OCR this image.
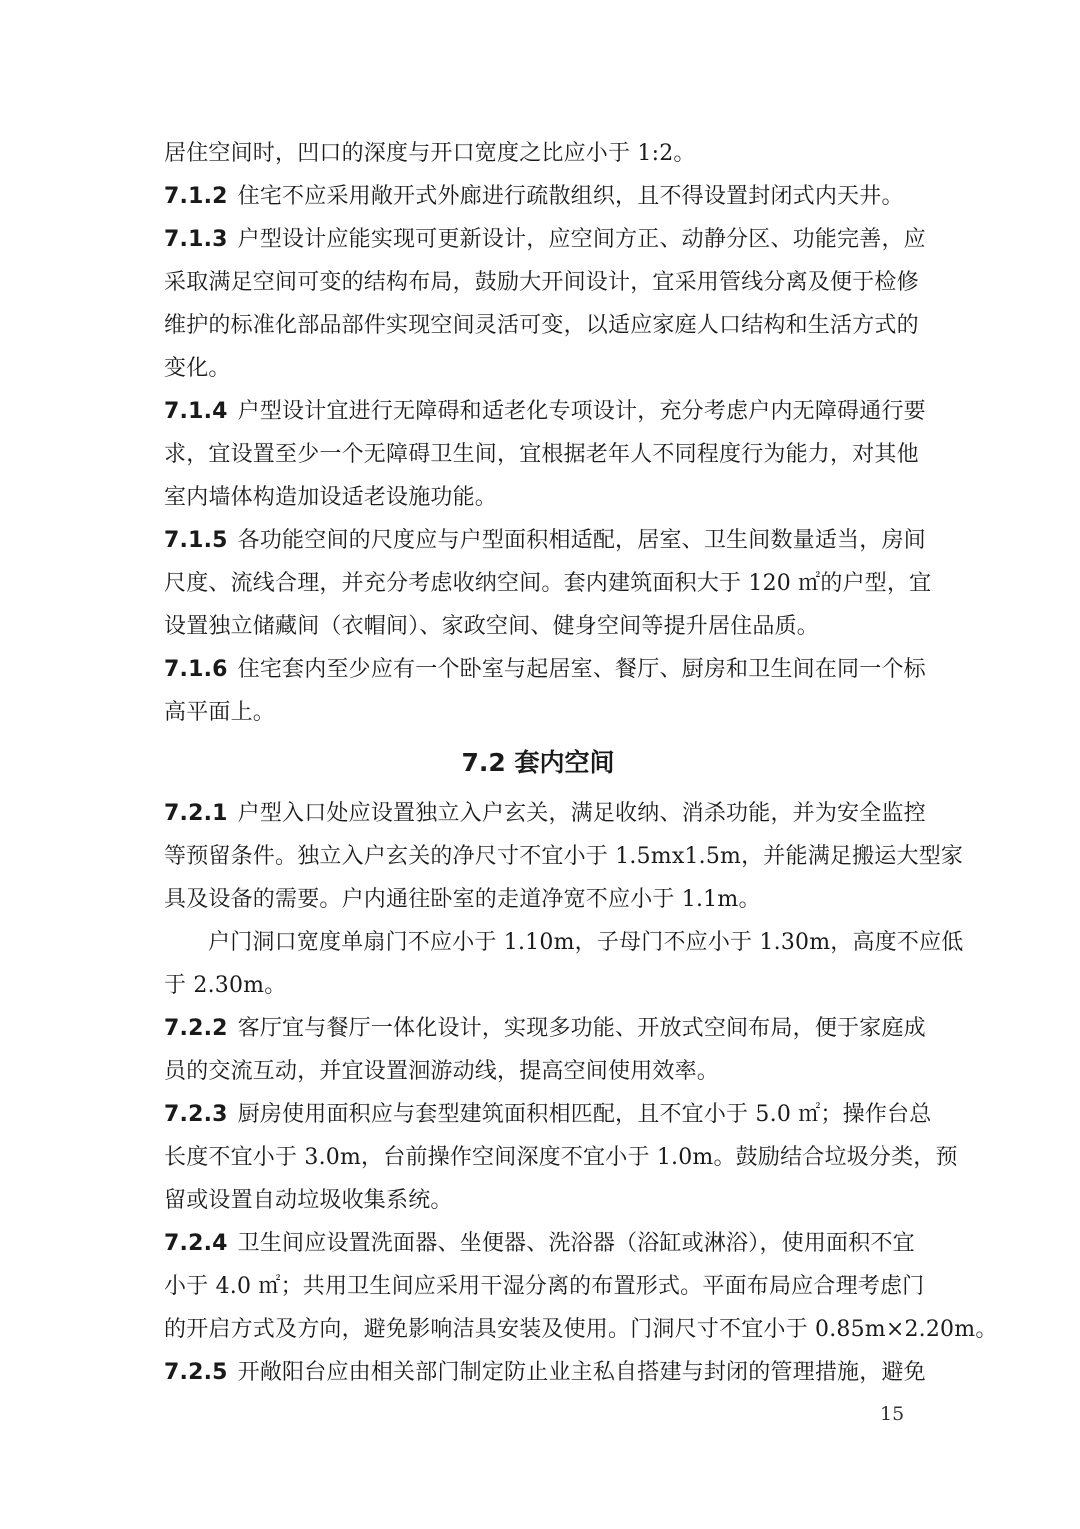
居住空间时，凹口的深度与开口宽度之比应小于 1:2。
7.1.2 住宅不应采用敞开式外廊进行疏散组织，且不得设置封闭式内天井。
7.1.3 户型设计应能实现可更新设计，应空间方正、动静分区、功能完善，应
采取满足空间可变的结构布局，鼓励大开间设计，宜采用管线分离及便于检修
维护的标准化部品部件实现空间灵活可变，以适应家庭人口结构和生活方式的
变化。
7.1.4 户型设计宜进行无障碍和适老化专项设计，充分考虑户内无障碍通行要
求，宜设置至少一个无障碍卫生间，宜根据老年人不同程度行为能力，对其他
室内墙体构造加设适老设施功能。
7.1.5 各功能空间的尺度应与户型面积相适配，居室、卫生间数量适当，房间
尺度、流线合理，并充分考虑收纳空间。套内建筑面积大于 120 ㎡的户型，宜
设置独立储藏间（衣帽间）、家政空间、健身空间等提升居住品质。
7.1.6 住宅套内至少应有一个卧室与起居室、餐厅、厨房和卫生间在同一个标
高平面上。
7.2 套内空间
7.2.1 户型入口处应设置独立入户玄关，满足收纳、消杀功能，并为安全监控
等预留条件。独立入户玄关的净尺寸不宜小于 1.5mx1.5m，并能满足搬运大型家
具及设备的需要。户内通往卧室的走道净宽不应小于 1.1m。
户门洞口宽度单扇门不应小于 1.10m，子母门不应小于 1.30m，高度不应低
于 2.30m。
7.2.2 客厅宜与餐厅一体化设计，实现多功能、开放式空间布局，便于家庭成
员的交流互动，并宜设置洄游动线，提高空间使用效率。
7.2.3 厨房使用面积应与套型建筑面积相匹配，且不宜小于 5.0 ㎡；操作台总
长度不宜小于 3.0m，台前操作空间深度不宜小于 1.0m。鼓励结合垃圾分类，预
留或设置自动垃圾收集系统。
7.2.4 卫生间应设置洗面器、坐便器、洗浴器（浴缸或淋浴），使用面积不宜
小于 4.0 ㎡；共用卫生间应采用干湿分离的布置形式。平面布局应合理考虑门
的开启方式及方向，避免影响洁具安装及使用。门洞尺寸不宜小于 0.85m×2.20m。
7.2.5 开敞阳台应由相关部门制定防止业主私自搭建与封闭的管理措施，避免
15
